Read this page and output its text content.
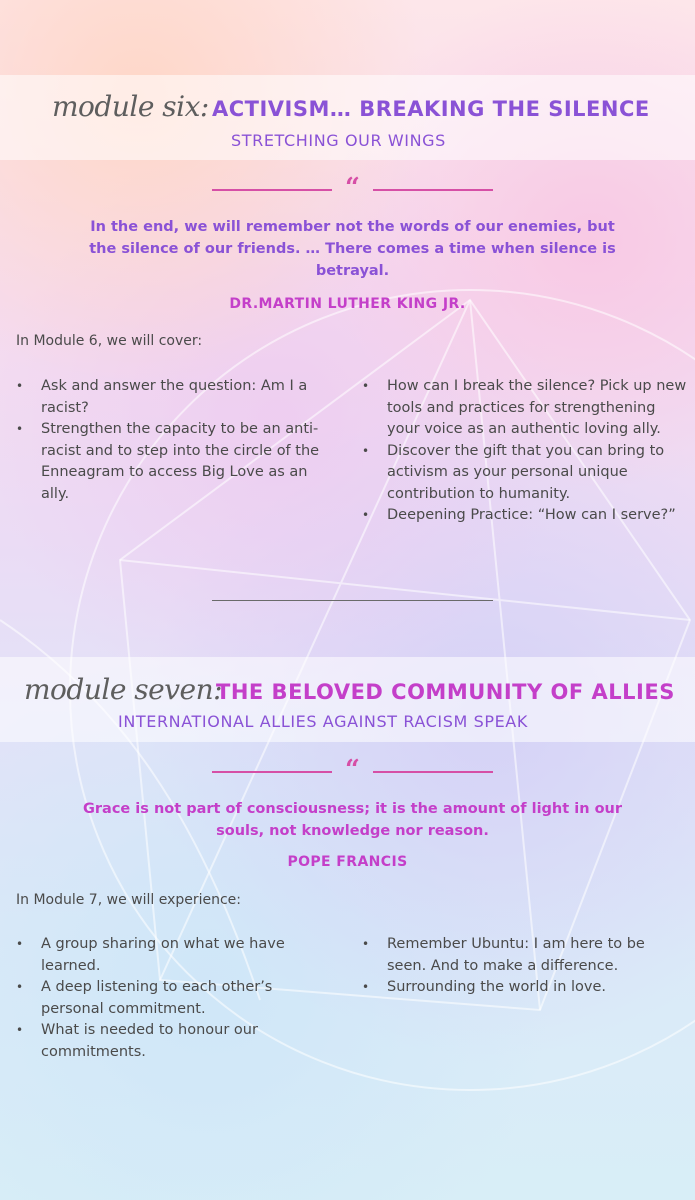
module six: ACTIVISM… BREAKING THE SILENCE
STRETCHING OUR WINGS
“
In the end, we will remember not the words of our enemies, but the silence of our friends. … There comes a time when silence is betrayal.
DR.MARTIN LUTHER KING JR.
In Module 6, we will cover:
• Ask and answer the question: Am I a racist?
• Strengthen the capacity to be an anti-racist and to step into the circle of the Enneagram to access Big Love as an ally.
• How can I break the silence? Pick up new tools and practices for strengthening your voice as an authentic loving ally.
• Discover the gift that you can bring to activism as your personal unique contribution to humanity.
• Deepening Practice: “How can I serve?”
module seven:
THE BELOVED COMMUNITY OF ALLIES
INTERNATIONAL ALLIES AGAINST RACISM SPEAK
“
Grace is not part of consciousness; it is the amount of light in our souls, not knowledge nor reason.
POPE FRANCIS
In Module 7, we will experience:
• A group sharing on what we have learned.
• A deep listening to each other’s personal commitment.
• What is needed to honour our commitments.
• Remember Ubuntu: I am here to be seen. And to make a difference.
• Surrounding the world in love.
